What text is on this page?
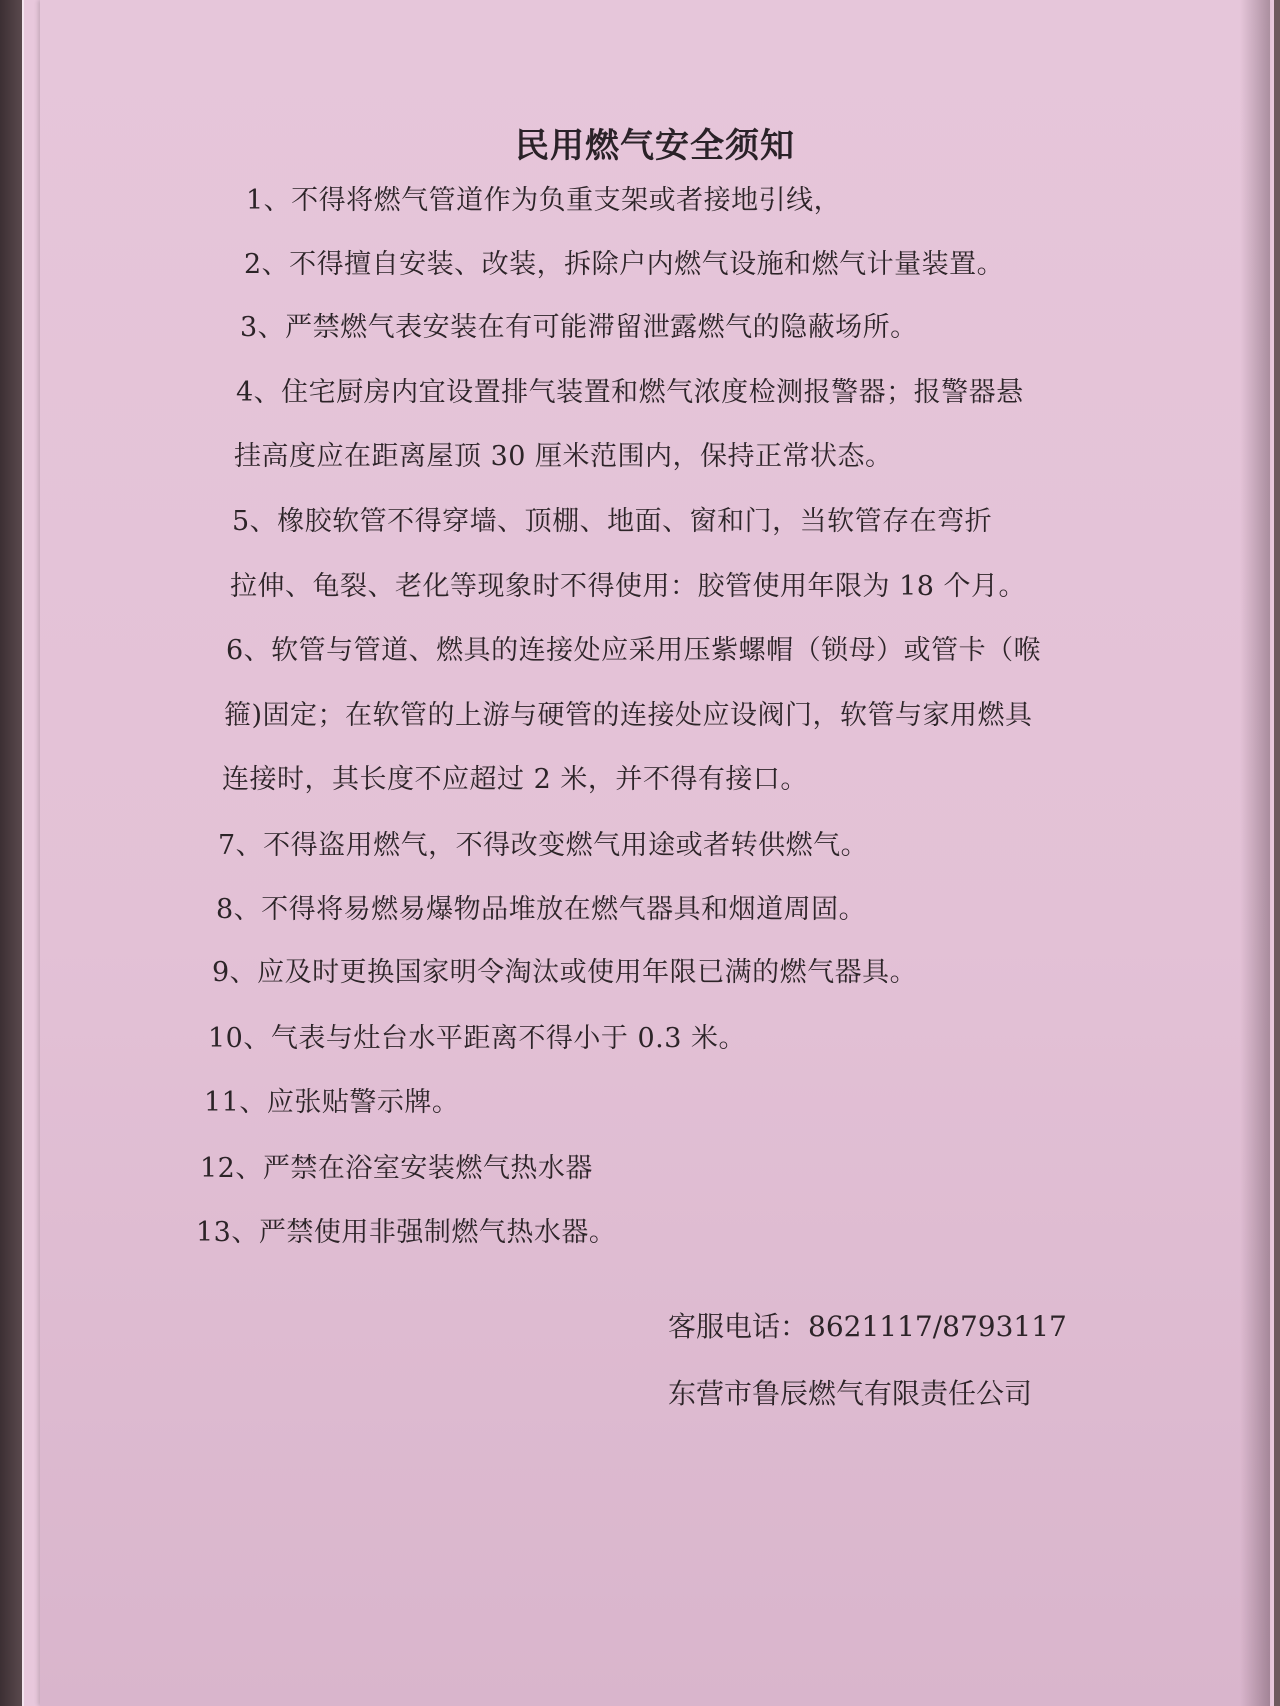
民用燃气安全须知
1、不得将燃气管道作为负重支架或者接地引线，
2、不得擅自安装、改装，拆除户内燃气设施和燃气计量装置。
3、严禁燃气表安装在有可能滞留泄露燃气的隐蔽场所。
4、住宅厨房内宜设置排气装置和燃气浓度检测报警器；报警器悬
挂高度应在距离屋顶 30 厘米范围内，保持正常状态。
5、橡胶软管不得穿墙、顶棚、地面、窗和门，当软管存在弯折
拉伸、龟裂、老化等现象时不得使用：胶管使用年限为 18 个月。
6、软管与管道、燃具的连接处应采用压紫螺帽（锁母）或管卡（喉
箍)固定；在软管的上游与硬管的连接处应设阀门，软管与家用燃具
连接时，其长度不应超过 2 米，并不得有接口。
7、不得盗用燃气，不得改变燃气用途或者转供燃气。
8、不得将易燃易爆物品堆放在燃气器具和烟道周固。
9、应及时更换国家明令淘汰或使用年限已满的燃气器具。
10、气表与灶台水平距离不得小于 0.3 米。
11、应张贴警示牌。
12、严禁在浴室安装燃气热水器
13、严禁使用非强制燃气热水器。
客服电话：8621117/8793117
东营市鲁辰燃气有限责任公司
